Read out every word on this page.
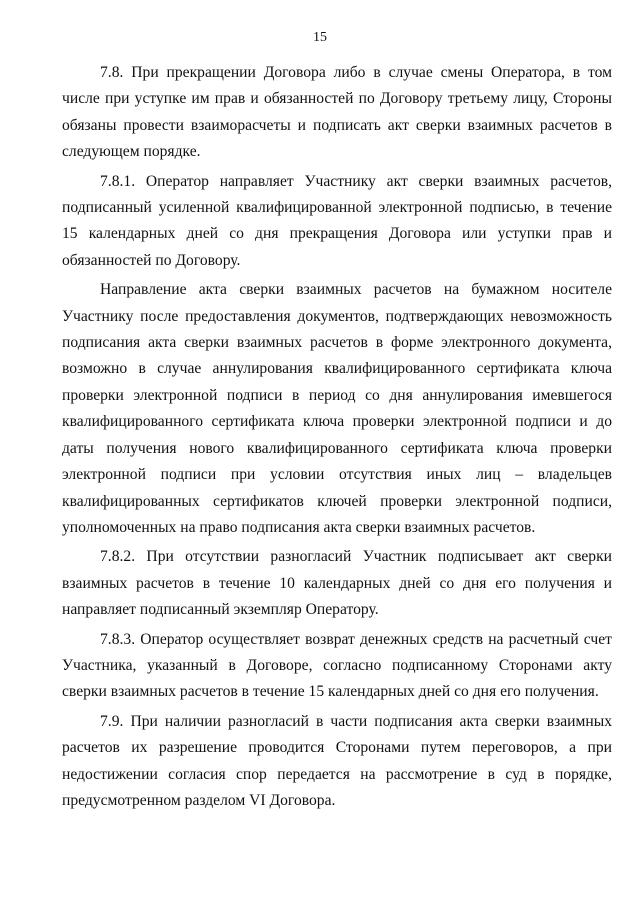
15

7.8. При прекращении Договора либо в случае смены Оператора, в том числе при уступке им прав и обязанностей по Договору третьему лицу, Стороны обязаны провести взаиморасчеты и подписать акт сверки взаимных расчетов в следующем порядке.

7.8.1. Оператор направляет Участнику акт сверки взаимных расчетов, подписанный усиленной квалифицированной электронной подписью, в течение 15 календарных дней со дня прекращения Договора или уступки прав и обязанностей по Договору.

Направление акта сверки взаимных расчетов на бумажном носителе Участнику после предоставления документов, подтверждающих невозможность подписания акта сверки взаимных расчетов в форме электронного документа, возможно в случае аннулирования квалифицированного сертификата ключа проверки электронной подписи в период со дня аннулирования имевшегося квалифицированного сертификата ключа проверки электронной подписи и до даты получения нового квалифицированного сертификата ключа проверки электронной подписи при условии отсутствия иных лиц – владельцев квалифицированных сертификатов ключей проверки электронной подписи, уполномоченных на право подписания акта сверки взаимных расчетов.

7.8.2. При отсутствии разногласий Участник подписывает акт сверки взаимных расчетов в течение 10 календарных дней со дня его получения и направляет подписанный экземпляр Оператору.

7.8.3. Оператор осуществляет возврат денежных средств на расчетный счет Участника, указанный в Договоре, согласно подписанному Сторонами акту сверки взаимных расчетов в течение 15 календарных дней со дня его получения.

7.9. При наличии разногласий в части подписания акта сверки взаимных расчетов их разрешение проводится Сторонами путем переговоров, а при недостижении согласия спор передается на рассмотрение в суд в порядке, предусмотренном разделом VI Договора.
